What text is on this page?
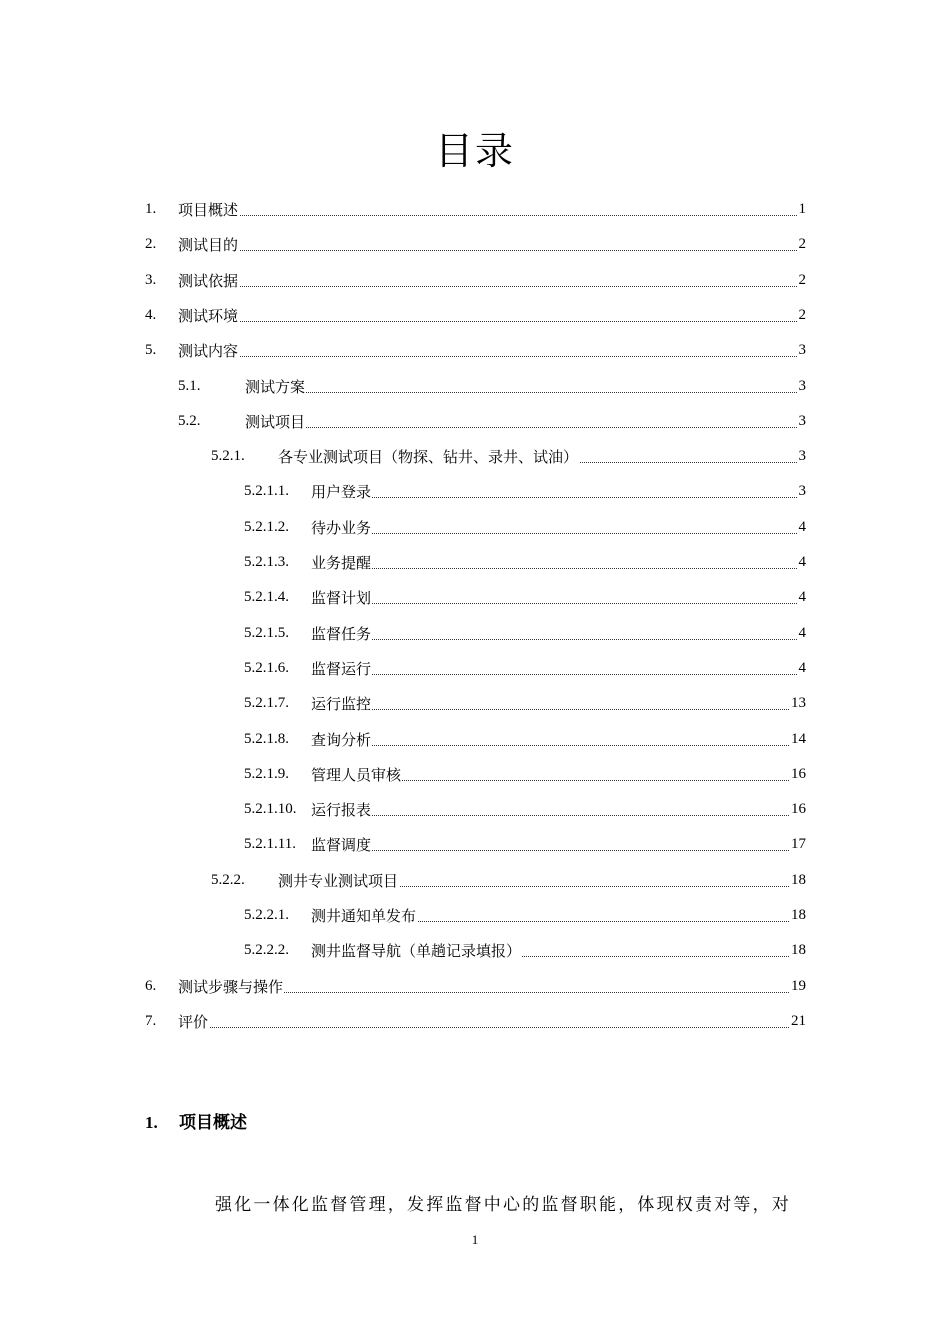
目录
1. 项目概述	1
2. 测试目的	2
3. 测试依据	2
4. 测试环境	2
5. 测试内容	3
5.1.	测试方案	3
5.2.	测试项目	3
5.2.1. 各专业测试项目（物探、钻井、录井、试油）	3
5.2.1.1. 用户登录	3
5.2.1.2. 待办业务	4
5.2.1.3. 业务提醒	4
5.2.1.4. 监督计划	4
5.2.1.5. 监督任务	4
5.2.1.6. 监督运行	4
5.2.1.7. 运行监控	13
5.2.1.8. 查询分析	14
5.2.1.9. 管理人员审核	16
5.2.1.10. 运行报表	16
5.2.1.11. 监督调度	17
5.2.2. 测井专业测试项目	18
5.2.2.1. 测井通知单发布	18
5.2.2.2. 测井监督导航（单趟记录填报）	18
6. 测试步骤与操作	19
7. 评价	21
1. 项目概述
强化一体化监督管理，发挥监督中心的监督职能，体现权责对等，对
1
